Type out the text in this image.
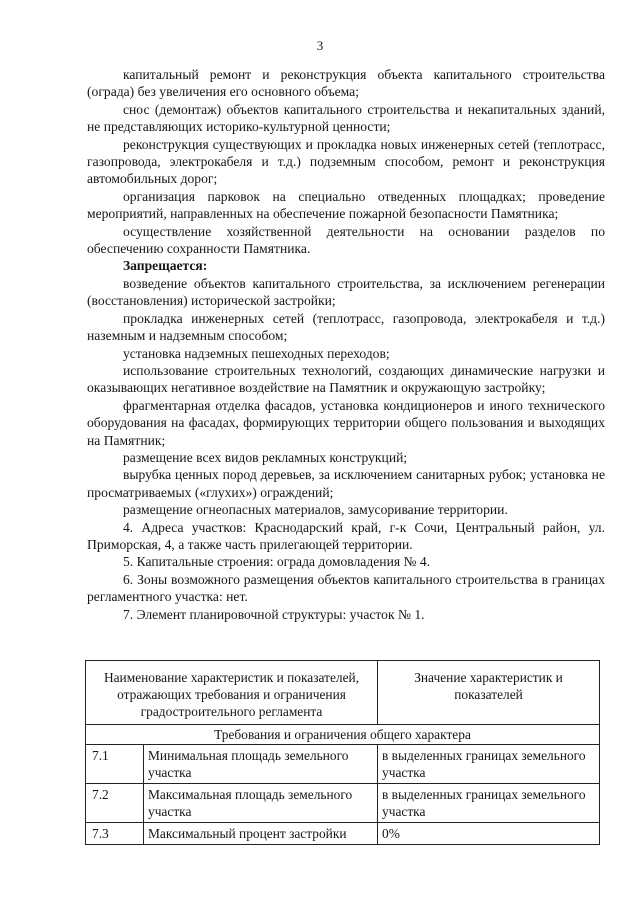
3

капитальный ремонт и реконструкция объекта капитального строительства (ограда) без увеличения его основного объема;

снос (демонтаж) объектов капитального строительства и некапитальных зданий, не представляющих историко-культурной ценности;

реконструкция существующих и прокладка новых инженерных сетей (теплотрасс, газопровода, электрокабеля и т.д.) подземным способом, ремонт и реконструкция автомобильных дорог;

организация парковок на специально отведенных площадках; проведение мероприятий, направленных на обеспечение пожарной безопасности Памятника;

осуществление хозяйственной деятельности на основании разделов по обеспечению сохранности Памятника.

Запрещается:

возведение объектов капитального строительства, за исключением регенерации (восстановления) исторической застройки;

прокладка инженерных сетей (теплотрасс, газопровода, электрокабеля и т.д.) наземным и надземным способом;

установка надземных пешеходных переходов;

использование строительных технологий, создающих динамические нагрузки и оказывающих негативное воздействие на Памятник и окружающую застройку;

фрагментарная отделка фасадов, установка кондиционеров и иного технического оборудования на фасадах, формирующих территории общего пользования и выходящих на Памятник;

размещение всех видов рекламных конструкций;

вырубка ценных пород деревьев, за исключением санитарных рубок; установка не просматриваемых («глухих») ограждений;

размещение огнеопасных материалов, замусоривание территории.

4. Адреса участков: Краснодарский край, г-к Сочи, Центральный район, ул. Приморская, 4, а также часть прилегающей территории.

5. Капитальные строения: ограда домовладения № 4.

6. Зоны возможного размещения объектов капитального строительства в границах регламентного участка: нет.

7. Элемент планировочной структуры: участок № 1.

Наименование характеристик и показателей, отражающих требования и ограничения градостроительного регламента		Значение характеристик и показателей
Требования и ограничения общего характера		
7.1	Минимальная площадь земельного участка	в выделенных границах земельного участка
7.2	Максимальная площадь земельного участка	в выделенных границах земельного участка
7.3	Максимальный процент застройки	0%
